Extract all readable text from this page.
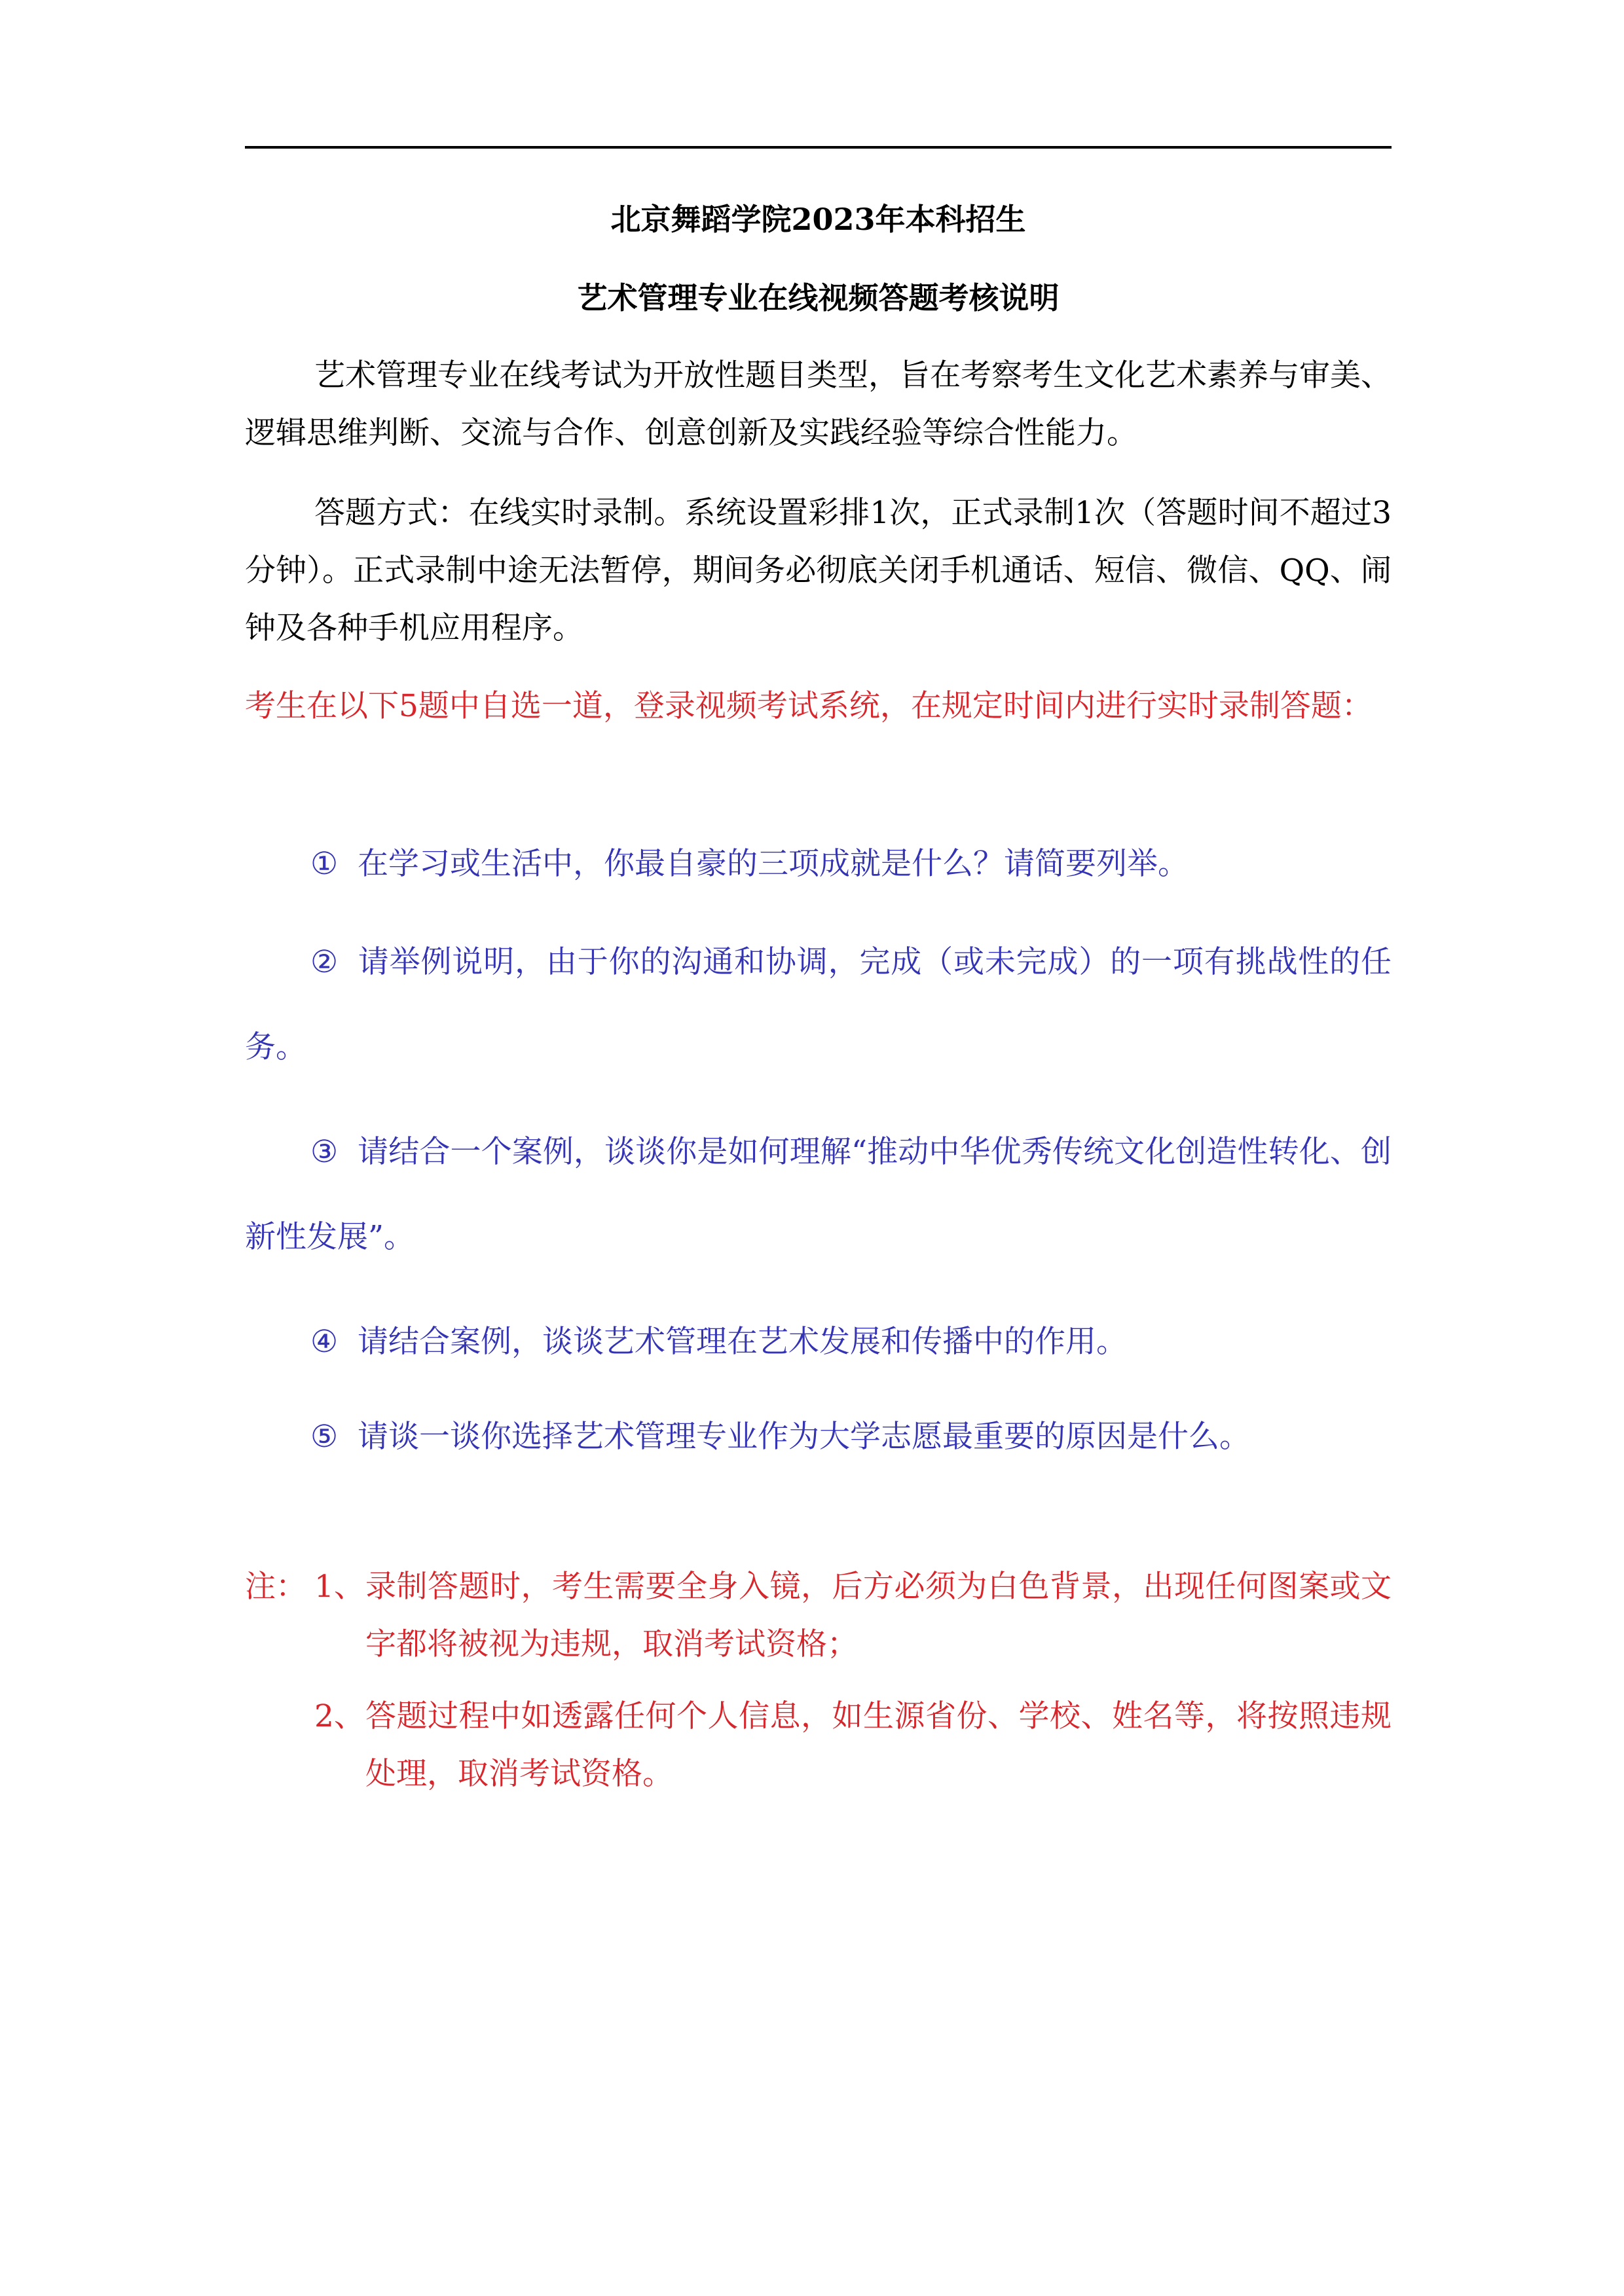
北京舞蹈学院2023年本科招生
艺术管理专业在线视频答题考核说明

艺术管理专业在线考试为开放性题目类型，旨在考察考生文化艺术素养与审美、逻辑思维判断、交流与合作、创意创新及实践经验等综合性能力。

答题方式：在线实时录制。系统设置彩排1次，正式录制1次（答题时间不超过3分钟）。正式录制中途无法暂停，期间务必彻底关闭手机通话、短信、微信、QQ、闹钟及各种手机应用程序。

考生在以下5题中自选一道，登录视频考试系统，在规定时间内进行实时录制答题：

① 在学习或生活中，你最自豪的三项成就是什么？请简要列举。

② 请举例说明，由于你的沟通和协调，完成（或未完成）的一项有挑战性的任务。

③ 请结合一个案例，谈谈你是如何理解“推动中华优秀传统文化创造性转化、创新性发展”。

④ 请结合案例，谈谈艺术管理在艺术发展和传播中的作用。

⑤ 请谈一谈你选择艺术管理专业作为大学志愿最重要的原因是什么。

注： 1、 录制答题时，考生需要全身入镜，后方必须为白色背景，出现任何图案或文字都将被视为违规，取消考试资格；
2、 答题过程中如透露任何个人信息，如生源省份、学校、姓名等，将按照违规处理，取消考试资格。
